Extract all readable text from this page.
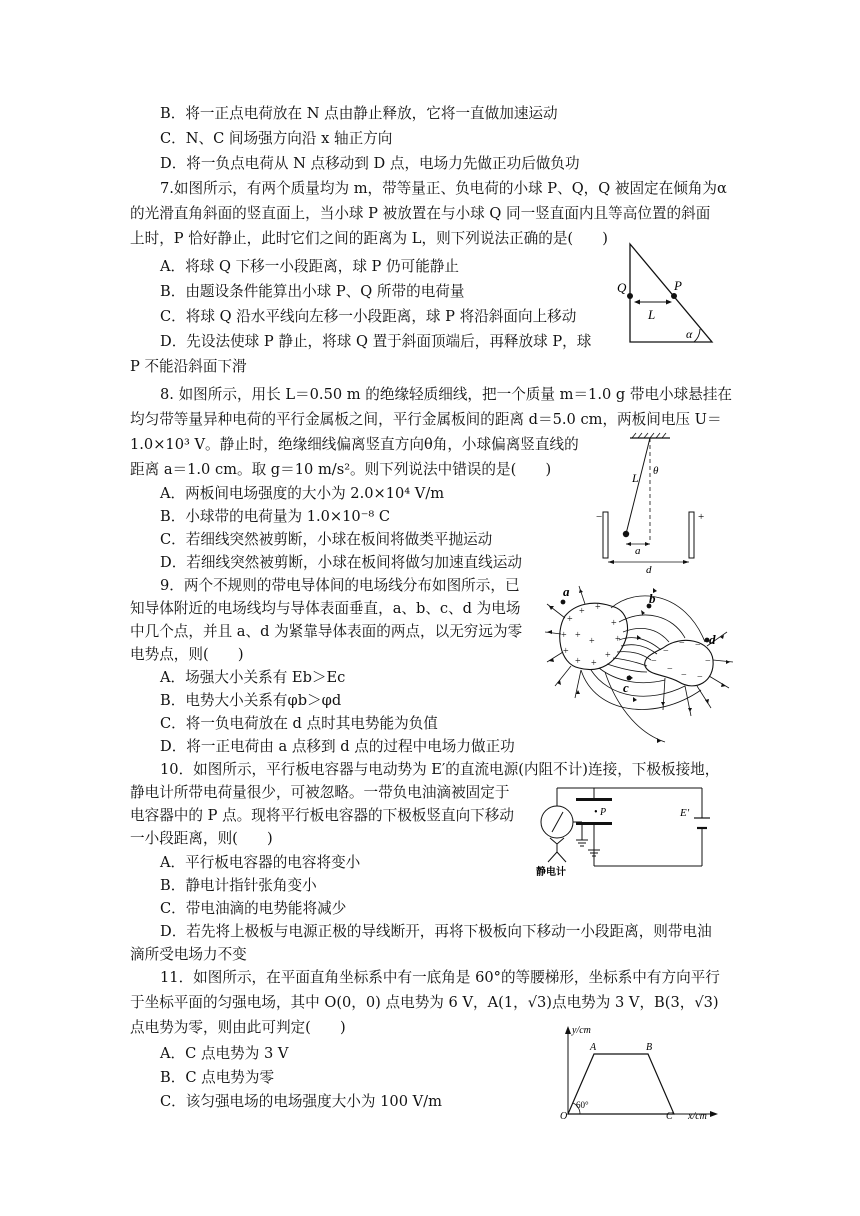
B．将一正点电荷放在 N 点由静止释放，它将一直做加速运动
C．N、C 间场强方向沿 x 轴正方向
D．将一负点电荷从 N 点移动到 D 点，电场力先做正功后做负功
7.如图所示，有两个质量均为 m，带等量正、负电荷的小球 P、Q，Q 被固定在倾角为α
的光滑直角斜面的竖直面上，当小球 P 被放置在与小球 Q 同一竖直面内且等高位置的斜面
上时，P 恰好静止，此时它们之间的距离为 L，则下列说法正确的是(　　)
A．将球 Q 下移一小段距离，球 P 仍可能静止
B．由题设条件能算出小球 P、Q 所带的电荷量
C．将球 Q 沿水平线向左移一小段距离，球 P 将沿斜面向上移动
D．先设法使球 P 静止，将球 Q 置于斜面顶端后，再释放球 P，球
P 不能沿斜面下滑
Q	P
L
α
8. 如图所示，用长 L＝0.50 m 的绝缘轻质细线，把一个质量 m＝1.0 g 带电小球悬挂在
均匀带等量异种电荷的平行金属板之间，平行金属板间的距离 d＝5.0 cm，两板间电压 U＝
1.0×10³ V。静止时，绝缘细线偏离竖直方向θ角，小球偏离竖直线的
距离 a＝1.0 cm。取 g＝10 m/s²。则下列说法中错误的是(　　)
A．两板间电场强度的大小为 2.0×10⁴ V/m
B．小球带的电荷量为 1.0×10⁻⁸ C
C．若细线突然被剪断，小球在板间将做类平抛运动
D．若细线突然被剪断，小球在板间将做匀加速直线运动
θ
L
a
d
−	+
9．两个不规则的带电导体间的电场线分布如图所示，已
知导体附近的电场线均与导体表面垂直，a、b、c、d 为电场
中几个点，并且 a、d 为紧靠导体表面的两点，以无穷远为零
电势点，则(　　)
A．场强大小关系有 Eb＞Ec
B．电势大小关系有φb＞φd
C．将一负电荷放在 d 点时其电势能为负值
D．将一正电荷由 a 点移到 d 点的过程中电场力做正功
+
+ +
+
+
+ +
+
+
+
+
+
−
−
− −
−
−
−
−
a	b
c
d
10．如图所示，平行板电容器与电动势为 E′的直流电源(内阻不计)连接，下极板接地，
静电计所带电荷量很少，可被忽略。一带负电油滴被固定于
电容器中的 P 点。现将平行板电容器的下极板竖直向下移动
一小段距离，则(　　)
A．平行板电容器的电容将变小
B．静电计指针张角变小
C．带电油滴的电势能将减少
D．若先将上极板与电源正极的导线断开，再将下极板向下移动一小段距离，则带电油
滴所受电场力不变
• P	E′
静电计
11．如图所示，在平面直角坐标系中有一底角是 60°的等腰梯形，坐标系中有方向平行
于坐标平面的匀强电场，其中 O(0，0) 点电势为 6 V，A(1，√3)点电势为 3 V，B(3，√3)
点电势为零，则由此可判定(　　)
A．C 点电势为 3 V
B．C 点电势为零
C．该匀强电场的电场强度大小为 100 V/m
y/cm
x/cm
A	B
O	C
60°
